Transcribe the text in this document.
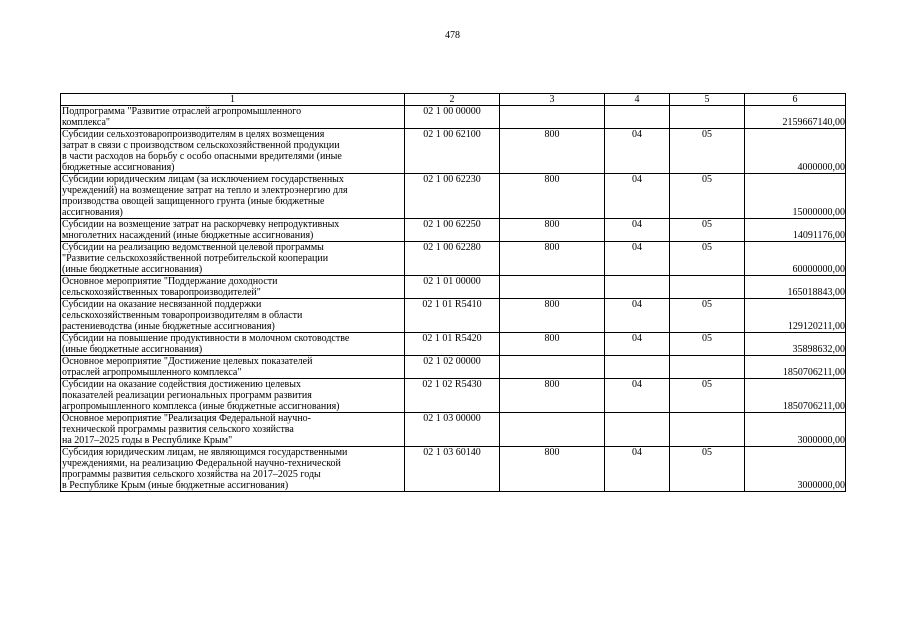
478
1	2	3	4	5	6
Подпрограмма "Развитие отраслей агропромышленного
комплекса"	02 1 00 00000				2159667140,00
Субсидии сельхозтоваропроизводителям в целях возмещения
затрат в связи с производством сельскохозяйственной продукции
в части расходов на борьбу с особо опасными вредителями (иные
бюджетные ассигнования)	02 1 00 62100	800	04	05	4000000,00
Субсидии юридическим лицам (за исключением государственных
учреждений) на возмещение затрат на тепло и электроэнергию для
производства овощей защищенного грунта (иные бюджетные
ассигнования)	02 1 00 62230	800	04	05	15000000,00
Субсидии на возмещение затрат на раскорчевку непродуктивных
многолетних насаждений (иные бюджетные ассигнования)	02 1 00 62250	800	04	05	14091176,00
Субсидии на реализацию ведомственной целевой программы
"Развитие сельскохозяйственной потребительской кооперации
(иные бюджетные ассигнования)	02 1 00 62280	800	04	05	60000000,00
Основное мероприятие "Поддержание доходности
сельскохозяйственных товаропроизводителей"	02 1 01 00000				165018843,00
Субсидии на оказание несвязанной поддержки
сельскохозяйственным товаропроизводителям в области
растениеводства (иные бюджетные ассигнования)	02 1 01 R5410	800	04	05	129120211,00
Субсидии на повышение продуктивности в молочном скотоводстве
(иные бюджетные ассигнования)	02 1 01 R5420	800	04	05	35898632,00
Основное мероприятие "Достижение целевых показателей
отраслей агропромышленного комплекса"	02 1 02 00000				1850706211,00
Субсидии на оказание содействия достижению целевых
показателей реализации региональных программ развития
агропромышленного комплекса (иные бюджетные ассигнования)	02 1 02 R5430	800	04	05	1850706211,00
Основное мероприятие "Реализация Федеральной научно-
технической программы развития сельского хозяйства
на 2017–2025 годы в Республике Крым"	02 1 03 00000				3000000,00
Субсидия юридическим лицам, не являющимся государственными
учреждениями, на реализацию Федеральной научно-технической
программы развития сельского хозяйства на 2017–2025 годы
в Республике Крым (иные бюджетные ассигнования)	02 1 03 60140	800	04	05	3000000,00
